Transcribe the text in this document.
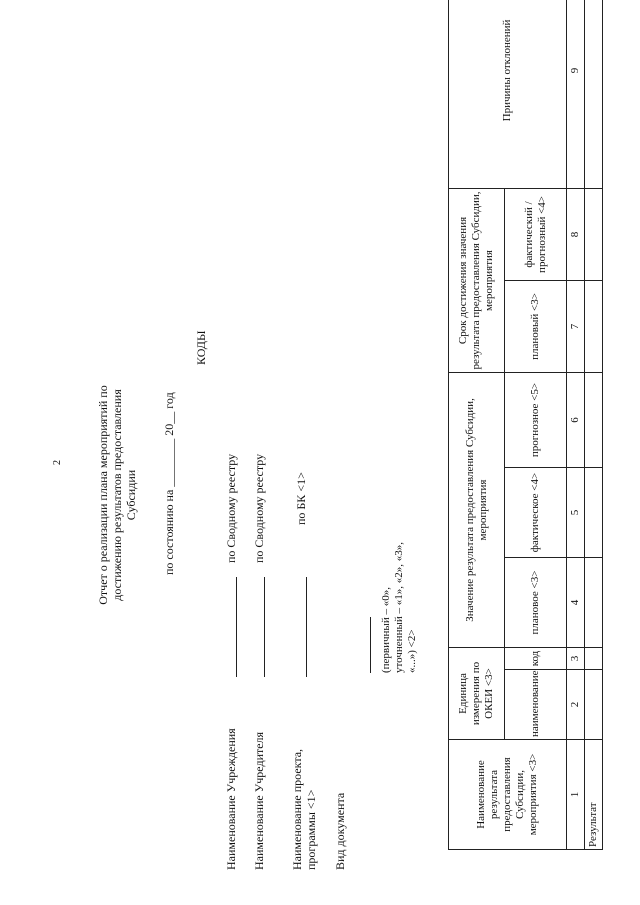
2	Отчет о реализации плана мероприятий по достижению результатов предоставления Субсидии по состоянию на ________ 20__ год
КОДЫ
Наименование Учреждения
по Сводному реестру
Наименование Учредителя
по Сводному реестру
Наименование проекта, программы <1>
по БК <1>
Вид документа
(первичный – «0», уточненный – «1», «2», «3», «...») <2>
Наименование результата предоставления Субсидии, мероприятия <3>	Единица измерения по ОКЕИ <3>		Значение результата предоставления Субсидии, мероприятия			Срок достижения значения результата предоставления Субсидии, мероприятия		Причины отклонений
	наименование	код	плановое <3>	фактическое <4>	прогнозное <5>	плановый <3>	фактический /прогнозный <4>	
1	2	3	4	5	6	7	8	9
Результат								
